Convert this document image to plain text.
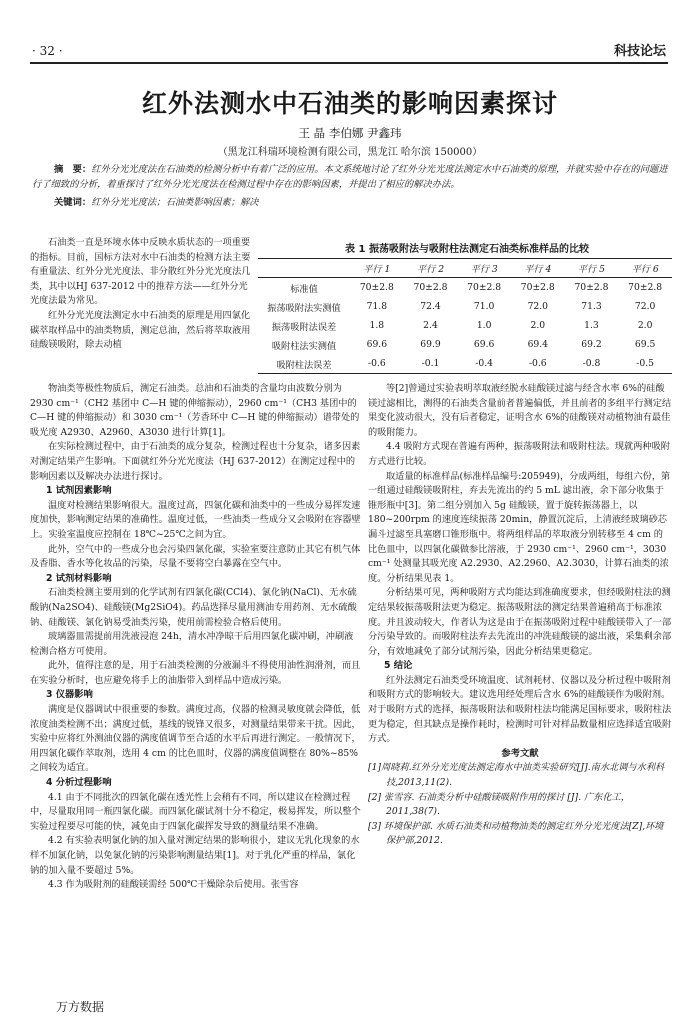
· 32 ·	科技论坛
红外法测水中石油类的影响因素探讨
王 晶 李伯娜 尹鑫玮
（黑龙江科瑞环境检测有限公司，黑龙江 哈尔滨 150000）
摘　要：红外分光光度法在石油类的检测分析中有着广泛的应用。本文系统地讨论了红外分光光度法测定水中石油类的原理，并就实验中存在的问题进行了细致的分析，着重探讨了红外分光光度法在检测过程中存在的影响因素，并提出了相应的解决办法。
关键词：红外分光光度法；石油类影响因素；解决

石油类一直是环境水体中反映水质状态的一项重要的指标。目前，国标方法对水中石油类的检测方法主要有重量法、红外分光光度法、非分散红外分光光度法几类，其中以HJ 637-2012 中的推荐方法——红外分光光度法最为常见。

红外分光光度法测定水中石油类的原理是用四氯化碳萃取样品中的油类物质，测定总油，然后将萃取液用硅酸镁吸附，除去动植

表 1 振荡吸附法与吸附柱法测定石油类标准样品的比较
	平行 1	平行 2	平行 3	平行 4	平行 5	平行 6
标准值	70±2.8	70±2.8	70±2.8	70±2.8	70±2.8	70±2.8
振荡吸附法实测值	71.8	72.4	71.0	72.0	71.3	72.0
振荡吸附法误差	1.8	2.4	1.0	2.0	1.3	2.0
吸附柱法实测值	69.6	69.9	69.6	69.4	69.2	69.5
吸附柱法误差	-0.6	-0.1	-0.4	-0.6	-0.8	-0.5

物油类等极性物质后，测定石油类。总油和石油类的含量均由波数分别为 2930 cm⁻¹（CH2 基团中 C—H 键的伸缩振动），2960 cm⁻¹（CH3 基团中的 C—H 键的伸缩振动）和 3030 cm⁻¹（芳香环中 C—H 键的伸缩振动）谱带处的吸光度 A2930、A2960、A3030 进行计算[1]。

在实际检测过程中，由于石油类的成分复杂，检测过程也十分复杂，诸多因素对测定结果产生影响。下面就红外分光光度法（HJ 637-2012）在测定过程中的影响因素以及解决办法进行探讨。

1 试剂因素影响

温度对检测结果影响很大。温度过高，四氯化碳和油类中的一些成分易挥发速度加快，影响测定结果的准确性。温度过低，一些油类一些成分又会吸附在容器壁上。实验室温度应控制在 18℃~25℃之间为宜。

此外，空气中的一些成分也会污染四氯化碳，实验室要注意防止其它有机气体及香脂、香水等化妆品的污染，尽量不要将空白暴露在空气中。

2 试剂材料影响

石油类检测主要用到的化学试剂有四氯化碳(CCl4)、氯化钠(NaCl)、无水硫酸钠(Na2SO4)、硅酸镁(Mg2SiO4)。药品选择尽量用测油专用药剂、无水硫酸钠、硅酸镁、氯化钠易受油类污染，使用前需检验合格后使用。

玻璃器皿需提前用洗液浸泡 24h，清水冲净晾干后用四氯化碳冲刷，冲刷液检测合格方可使用。

此外，值得注意的是，用于石油类检测的分液漏斗不得使用油性润滑剂，而且在实验分析时，也应避免将手上的油脂带入到样品中造成污染。

3 仪器影响

满度是仪器调试中很重要的参数。满度过高，仪器的检测灵敏度就会降低，低浓度油类检测不出；满度过低，基线的锐锋又很多，对测量结果带来干扰。因此，实验中应将红外测油仪器的满度值调节至合适的水平后再进行测定。一般情况下，用四氯化碳作萃取剂，选用 4 cm 的比色皿时，仪器的满度值调整在 80%~85%之间较为适宜。

4 分析过程影响

4.1 由于不同批次的四氯化碳在透光性上会稍有不同，所以建议在检测过程中，尽量取用同一瓶四氯化碳。而四氯化碳试剂十分不稳定，极易挥发，所以整个实验过程要尽可能的快，减免由于四氯化碳挥发导致的测量结果不准确。

4.2 有实验表明氯化钠的加入量对测定结果的影响很小，建议无乳化现象的水样不加氯化钠，以免氯化钠的污染影响测量结果[1]。对于乳化严重的样品，氯化钠的加入量不要超过 5%。

4.3 作为吸附剂的硅酸镁需经 500℃干燥除杂后使用。张雪容

等[2]曾通过实验表明萃取液经脱水硅酸镁过滤与经含水率 6%的硅酸镁过滤相比，测得的石油类含量前者普遍偏低，并且前者的多组平行测定结果变化波动很大，没有后者稳定，证明含水 6%的硅酸镁对动植物油有最佳的吸附能力。

4.4 吸附方式现在普遍有两种，振荡吸附法和吸附柱法。现就两种吸附方式进行比较。

取适量的标准样品(标准样品编号:205949)，分成两组，每组六份，第一组通过硅酸镁吸附柱，弃去先流出的约 5 mL 滤出液，余下部分收集于锥形瓶中[3]。第二组分别加入 5g 硅酸镁，置于旋转振荡器上，以 180~200rpm 的速度连续振荡 20min，静置沉淀后，上清液经玻璃砂芯漏斗过滤至具塞磨口锥形瓶中。将两组样品的萃取液分别转移至 4 cm 的比色皿中，以四氯化碳做参比溶液，于 2930 cm⁻¹、2960 cm⁻¹，3030 cm⁻¹ 处测量其吸光度 A2.2930、A2.2960、A2.3030，计算石油类的浓度。分析结果见表 1。

分析结果可见，两种吸附方式均能达到准确度要求，但经吸附柱法的测定结果较振荡吸附法更为稳定。振荡吸附法的测定结果普遍稍高于标准浓度。并且波动较大，作者认为这是由于在振荡吸附过程中硅酸镁带入了一部分污染导致的。而吸附柱法弃去先流出的冲洗硅酸镁的滤出液，采集剩余部分，有效地减免了部分试剂污染，因此分析结果更稳定。

5 结论

红外法测定石油类受环境温度、试剂耗材、仪器以及分析过程中吸附剂和吸附方式的影响较大。建议选用经处理后含水 6%的硅酸镁作为吸附剂。对于吸附方式的选择，振荡吸附法和吸附柱法均能满足国标要求，吸附柱法更为稳定，但其缺点是操作耗时，检测时可针对样品数量相应选择适宜吸附方式。

参考文献

[1]周晓莉.红外分光光度法测定海水中油类实验研究[J].南水北调与水利科技,2013,11(2).

[2] 张雪容. 石油类分析中硅酸镁吸附作用的探讨 [J]. 广东化工，2011,38(7).

[3] 环境保护部. 水质石油类和动植物油类的测定红外分光光度法[Z],环境保护部,2012.

万方数据
